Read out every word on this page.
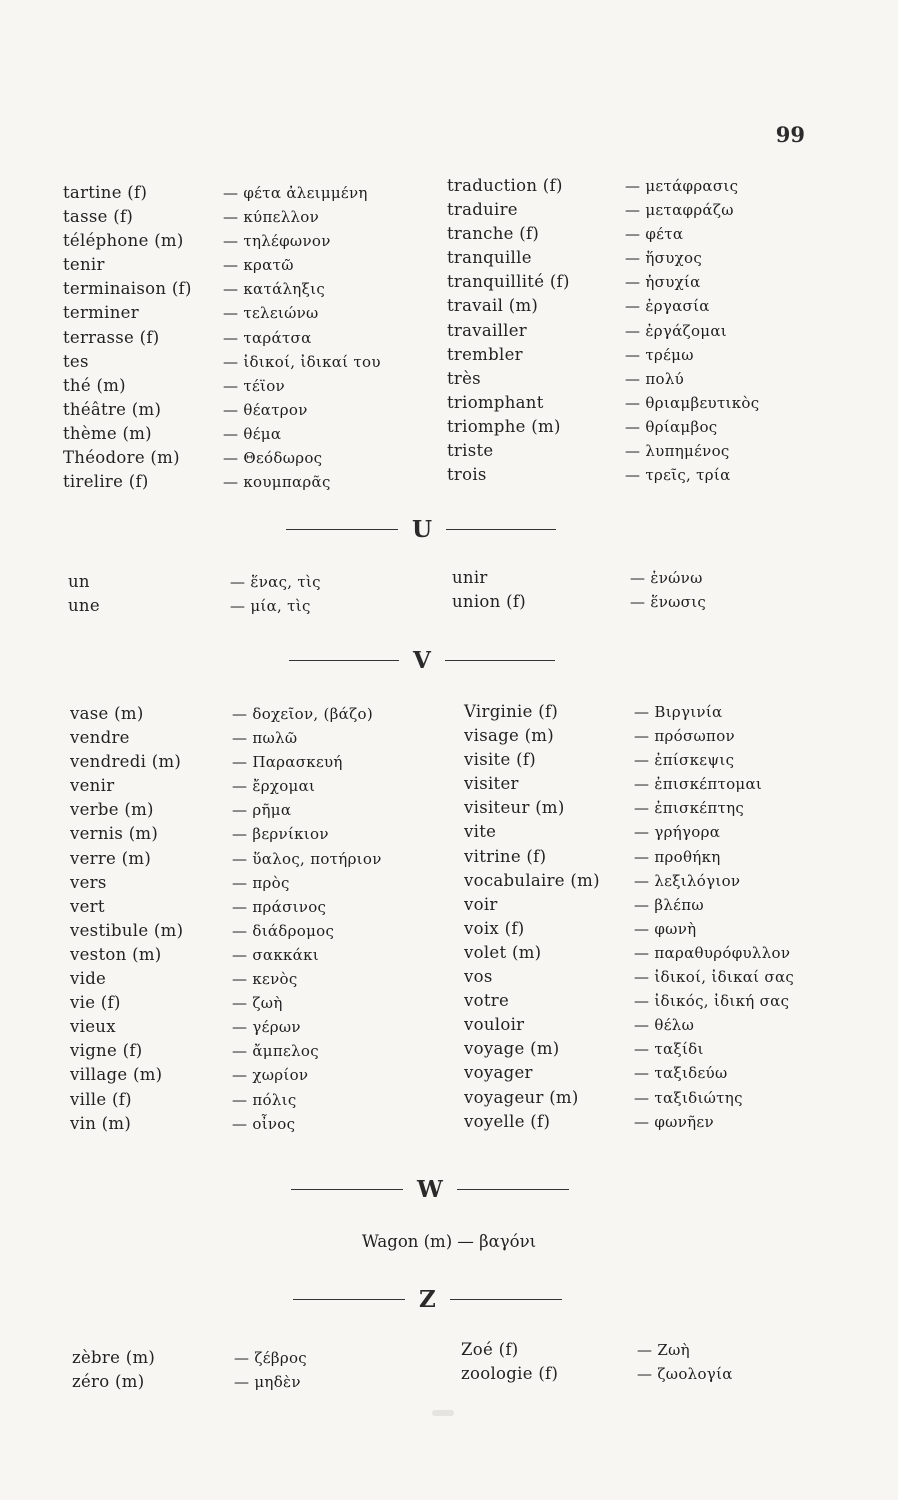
99
tartine (f)	— φέτα ἀλειμμένη
tasse (f)	— κύπελλον
téléphone (m)	— τηλέφωνον
tenir	— κρατῶ
terminaison (f) — κατάληξις
terminer	— τελειώνω
terrasse (f)	— ταράτσα
tes	— ἰδικοί, ἰδικαί του
thé (m)	— τέϊον
théâtre (m)	— θέατρον
thème (m)	— θέμα
Théodore (m)	— Θεόδωρος
tirelire (f)	— κουμπαρᾶς
traduction (f)	— μετάφρασις
traduire	— μεταφράζω
tranche (f)	— φέτα
tranquille	— ἥσυχος
tranquillité (f)	— ἡσυχία
travail (m)	— ἐργασία
travailler	— ἐργάζομαι
trembler	— τρέμω
très	— πολύ
triomphant	— θριαμβευτικὸς
triomphe (m)	— θρίαμβος
triste	— λυπημένος
trois	— τρεῖς, τρία
U
un	— ἕνας, τὶς
une	— μία, τὶς
unir	— ἑνώνω
union (f)	— ἕνωσις
V
vase (m)	— δοχεῖον, (βάζο)
vendre	— πωλῶ
vendredi (m)	— Παρασκευή
venir	— ἔρχομαι
verbe (m)	— ρῆμα
vernis (m)	— βερνίκιον
verre (m)	— ὕαλος, ποτήριον
vers	— πρὸς
vert	— πράσινος
vestibule (m)	— διάδρομος
veston (m)	— σακκάκι
vide	— κενὸς
vie (f)	— ζωὴ
vieux	— γέρων
vigne (f)	— ἄμπελος
village (m)	— χωρίον
ville (f)	— πόλις
vin (m)	— οἶνος
Virginie (f)	— Βιργινία
visage (m)	— πρόσωπον
visite (f)	— ἐπίσκεψις
visiter	— ἐπισκέπτομαι
visiteur (m)	— ἐπισκέπτης
vite	— γρήγορα
vitrine (f)	— προθήκη
vocabulaire (m) — λεξιλόγιον
voir	— βλέπω
voix (f)	— φωνὴ
volet (m)	— παραθυρόφυλλον
vos	— ἰδικοί, ἰδικαί σας
votre	— ἰδικός, ἰδική σας
vouloir	— θέλω
voyage (m)	— ταξίδι
voyager	— ταξιδεύω
voyageur (m)	— ταξιδιώτης
voyelle (f)	— φωνῆεν
W
Wagon (m) — βαγόνι
Z
zèbre (m)	— ζέβρος
zéro (m)	— μηδὲν
Zoé (f)	— Ζωὴ
zoologie (f)	— ζωολογία
